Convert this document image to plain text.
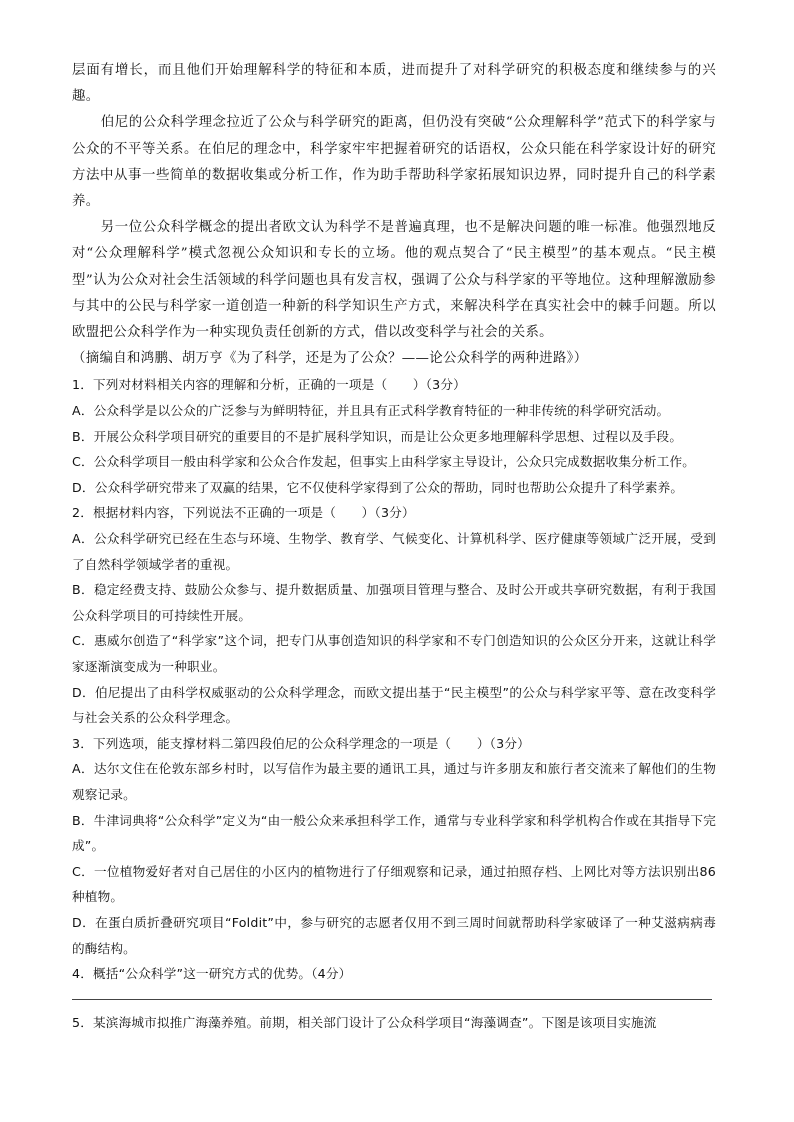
层面有增长，而且他们开始理解科学的特征和本质，进而提升了对科学研究的积极态度和继续参与的兴趣。

伯尼的公众科学理念拉近了公众与科学研究的距离，但仍没有突破“公众理解科学”范式下的科学家与公众的不平等关系。在伯尼的理念中，科学家牢牢把握着研究的话语权，公众只能在科学家设计好的研究方法中从事一些简单的数据收集或分析工作，作为助手帮助科学家拓展知识边界，同时提升自己的科学素养。

另一位公众科学概念的提出者欧文认为科学不是普遍真理，也不是解决问题的唯一标准。他强烈地反对“公众理解科学”模式忽视公众知识和专长的立场。他的观点契合了“民主模型”的基本观点。“民主模型”认为公众对社会生活领域的科学问题也具有发言权，强调了公众与科学家的平等地位。这种理解激励参与其中的公民与科学家一道创造一种新的科学知识生产方式，来解决科学在真实社会中的棘手问题。所以欧盟把公众科学作为一种实现负责任创新的方式，借以改变科学与社会的关系。

（摘编自和鸿鹏、胡万亨《为了科学，还是为了公众？——论公众科学的两种进路》）

1．下列对材料相关内容的理解和分析，正确的一项是（　　）（3分）

A．公众科学是以公众的广泛参与为鲜明特征，并且具有正式科学教育特征的一种非传统的科学研究活动。

B．开展公众科学项目研究的重要目的不是扩展科学知识，而是让公众更多地理解科学思想、过程以及手段。

C．公众科学项目一般由科学家和公众合作发起，但事实上由科学家主导设计，公众只完成数据收集分析工作。

D．公众科学研究带来了双赢的结果，它不仅使科学家得到了公众的帮助，同时也帮助公众提升了科学素养。

2．根据材料内容，下列说法不正确的一项是（　　）（3分）

A．公众科学研究已经在生态与环境、生物学、教育学、气候变化、计算机科学、医疗健康等领域广泛开展，受到了自然科学领域学者的重视。

B．稳定经费支持、鼓励公众参与、提升数据质量、加强项目管理与整合、及时公开或共享研究数据，有利于我国公众科学项目的可持续性开展。

C．惠威尔创造了“科学家”这个词，把专门从事创造知识的科学家和不专门创造知识的公众区分开来，这就让科学家逐渐演变成为一种职业。

D．伯尼提出了由科学权威驱动的公众科学理念，而欧文提出基于“民主模型”的公众与科学家平等、意在改变科学与社会关系的公众科学理念。

3．下列选项，能支撑材料二第四段伯尼的公众科学理念的一项是（　　）（3分）

A．达尔文住在伦敦东部乡村时，以写信作为最主要的通讯工具，通过与许多朋友和旅行者交流来了解他们的生物观察记录。

B．牛津词典将“公众科学”定义为“由一般公众来承担科学工作，通常与专业科学家和科学机构合作或在其指导下完成”。

C．一位植物爱好者对自己居住的小区内的植物进行了仔细观察和记录，通过拍照存档、上网比对等方法识别出86种植物。

D．在蛋白质折叠研究项目“Foldit”中，参与研究的志愿者仅用不到三周时间就帮助科学家破译了一种艾滋病病毒的酶结构。

4．概括“公众科学”这一研究方式的优势。（4分）

5．某滨海城市拟推广海藻养殖。前期，相关部门设计了公众科学项目“海藻调查”。下图是该项目实施流
